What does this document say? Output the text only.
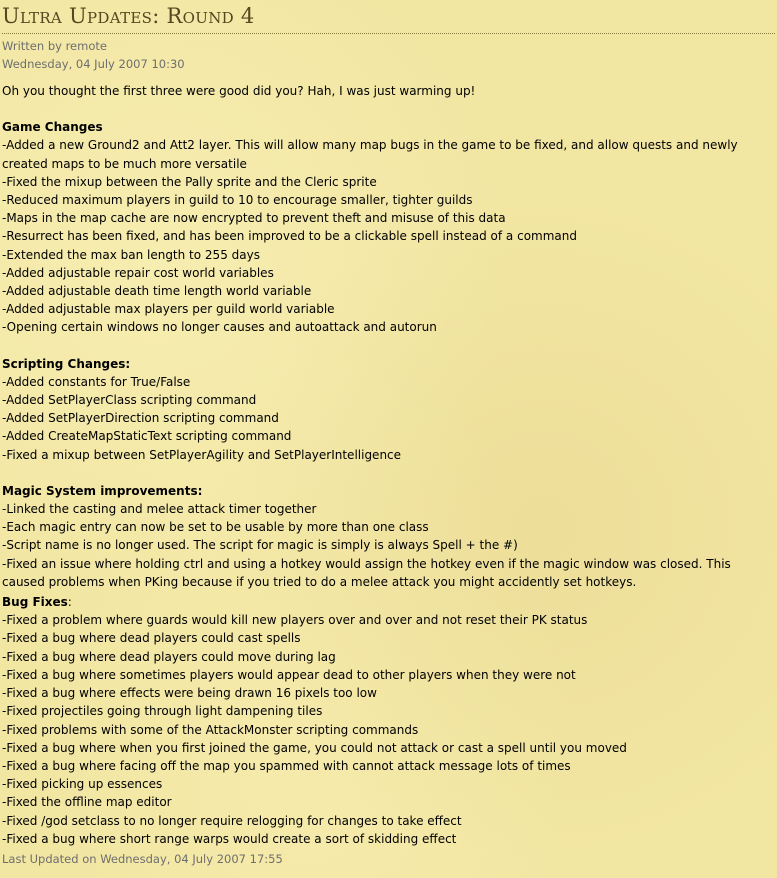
Ultra Updates: Round 4
Written by remote
Wednesday, 04 July 2007 10:30
Oh you thought the first three were good did you? Hah, I was just warming up!
Game Changes
-Added a new Ground2 and Att2 layer. This will allow many map bugs in the game to be fixed, and allow quests and newly created maps to be much more versatile
-Fixed the mixup between the Pally sprite and the Cleric sprite
-Reduced maximum players in guild to 10 to encourage smaller, tighter guilds
-Maps in the map cache are now encrypted to prevent theft and misuse of this data
-Resurrect has been fixed, and has been improved to be a clickable spell instead of a command
-Extended the max ban length to 255 days
-Added adjustable repair cost world variables
-Added adjustable death time length world variable
-Added adjustable max players per guild world variable
-Opening certain windows no longer causes and autoattack and autorun
Scripting Changes:
-Added constants for True/False
-Added SetPlayerClass scripting command
-Added SetPlayerDirection scripting command
-Added CreateMapStaticText scripting command
-Fixed a mixup between SetPlayerAgility and SetPlayerIntelligence
Magic System improvements:
-Linked the casting and melee attack timer together
-Each magic entry can now be set to be usable by more than one class
-Script name is no longer used. The script for magic is simply is always Spell + the #)
-Fixed an issue where holding ctrl and using a hotkey would assign the hotkey even if the magic window was closed. This caused problems when PKing because if you tried to do a melee attack you might accidently set hotkeys.
Bug Fixes:
-Fixed a problem where guards would kill new players over and over and not reset their PK status
-Fixed a bug where dead players could cast spells
-Fixed a bug where dead players could move during lag
-Fixed a bug where sometimes players would appear dead to other players when they were not
-Fixed a bug where effects were being drawn 16 pixels too low
-Fixed projectiles going through light dampening tiles
-Fixed problems with some of the AttackMonster scripting commands
-Fixed a bug where when you first joined the game, you could not attack or cast a spell until you moved
-Fixed a bug where facing off the map you spammed with cannot attack message lots of times
-Fixed picking up essences
-Fixed the offline map editor
-Fixed /god setclass to no longer require relogging for changes to take effect
-Fixed a bug where short range warps would create a sort of skidding effect
Last Updated on Wednesday, 04 July 2007 17:55
